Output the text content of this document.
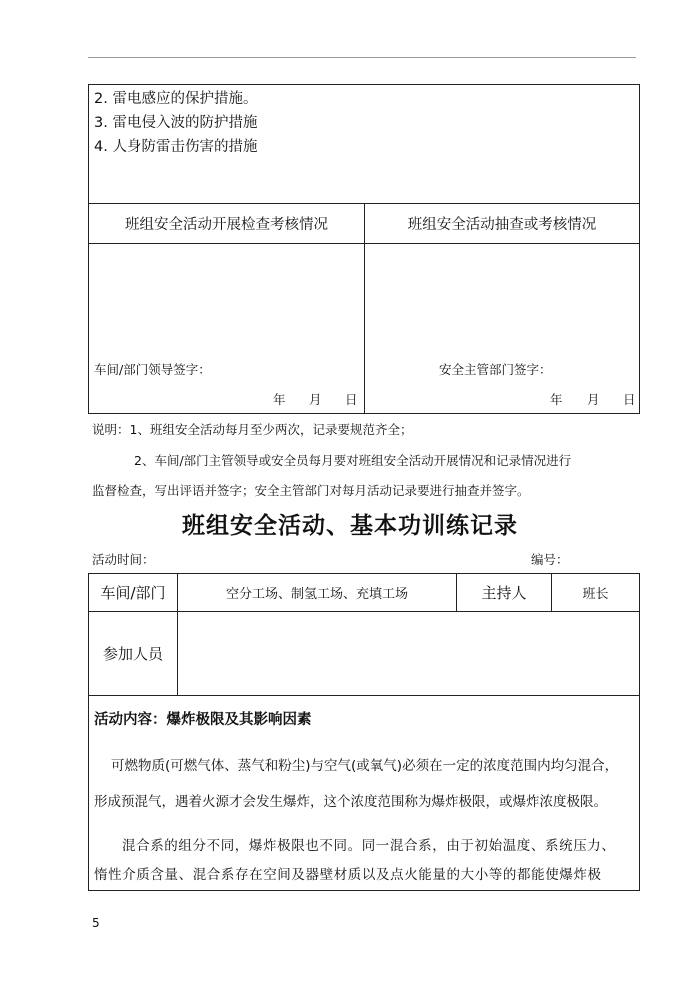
2. 雷电感应的保护措施。
3. 雷电侵入波的防护措施
4. 人身防雷击伤害的措施
班组安全活动开展检查考核情况	班组安全活动抽查或考核情况
车间/部门领导签字：
年 月 日
安全主管部门签字：
年 月 日
说明：1、班组安全活动每月至少两次，记录要规范齐全；
2、车间/部门主管领导或安全员每月要对班组安全活动开展情况和记录情况进行
监督检查，写出评语并签字；安全主管部门对每月活动记录要进行抽查并签字。
班组安全活动、基本功训练记录
活动时间：	编号：
车间/部门	空分工场、制氢工场、充填工场	主持人	班长
参加人员
活动内容：爆炸极限及其影响因素
可燃物质(可燃气体、蒸气和粉尘)与空气(或氧气)必须在一定的浓度范围内均匀混合，
形成预混气，遇着火源才会发生爆炸，这个浓度范围称为爆炸极限，或爆炸浓度极限。
混合系的组分不同，爆炸极限也不同。同一混合系，由于初始温度、系统压力、
惰性介质含量、混合系存在空间及器壁材质以及点火能量的大小等的都能使爆炸极
5
